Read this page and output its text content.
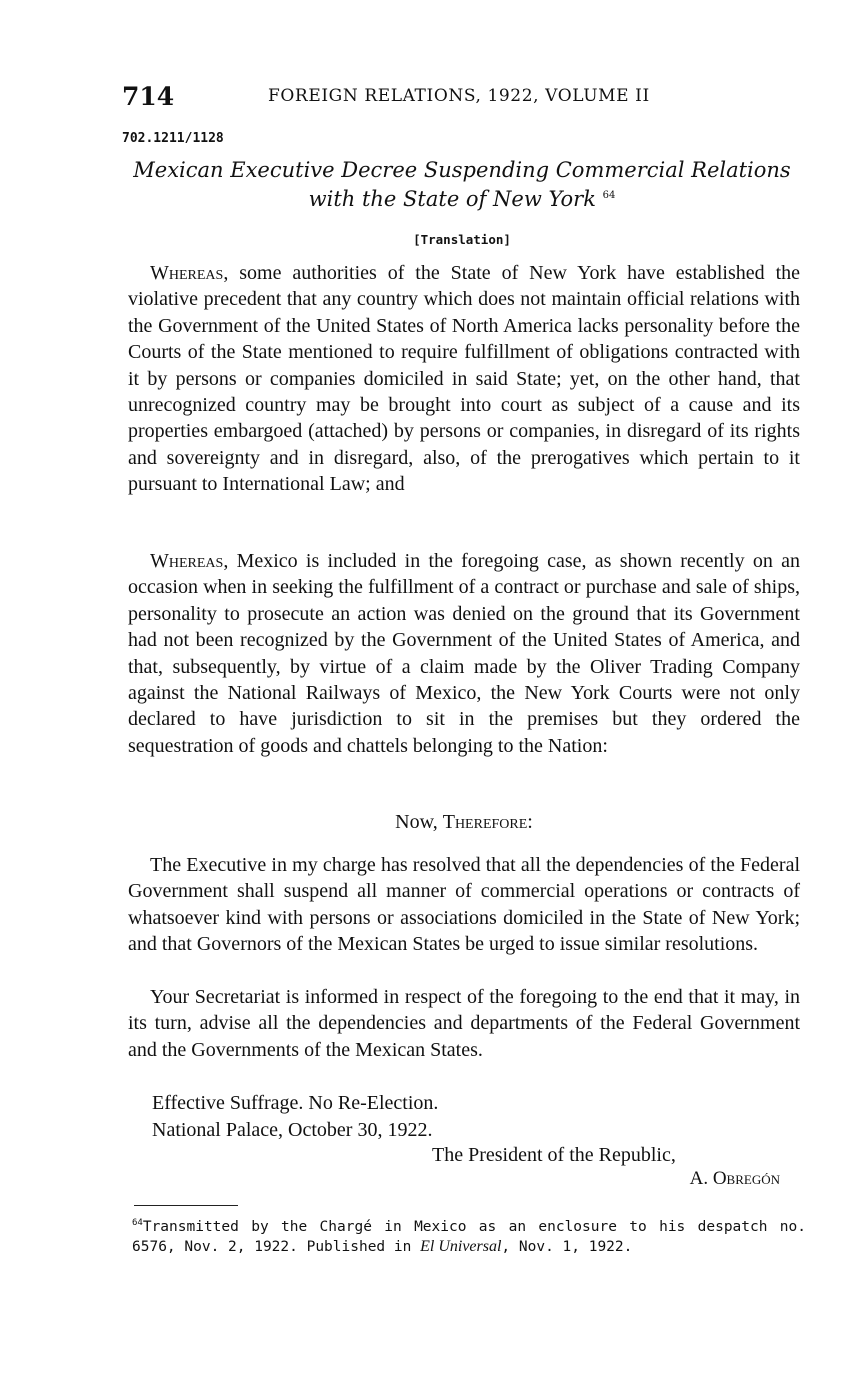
714	FOREIGN RELATIONS, 1922, VOLUME II
702.1211/1128
Mexican Executive Decree Suspending Commercial Relations with the State of New York $^{64}$
[Translation]

Whereas, some authorities of the State of New York have established the violative precedent that any country which does not maintain official relations with the Government of the United States of North America lacks personality before the Courts of the State mentioned to require fulfillment of obligations contracted with it by persons or companies domiciled in said State; yet, on the other hand, that unrecognized country may be brought into court as subject of a cause and its properties embargoed (attached) by persons or companies, in disregard of its rights and sovereignty and in disregard, also, of the prerogatives which pertain to it pursuant to International Law; and

Whereas, Mexico is included in the foregoing case, as shown recently on an occasion when in seeking the fulfillment of a contract or purchase and sale of ships, personality to prosecute an action was denied on the ground that its Government had not been recognized by the Government of the United States of America, and that, subsequently, by virtue of a claim made by the Oliver Trading Company against the National Railways of Mexico, the New York Courts were not only declared to have jurisdiction to sit in the premises but they ordered the sequestration of goods and chattels belonging to the Nation:

Now, Therefore:

The Executive in my charge has resolved that all the dependencies of the Federal Government shall suspend all manner of commercial operations or contracts of whatsoever kind with persons or associations domiciled in the State of New York; and that Governors of the Mexican States be urged to issue similar resolutions.

Your Secretariat is informed in respect of the foregoing to the end that it may, in its turn, advise all the dependencies and departments of the Federal Government and the Governments of the Mexican States.

Effective Suffrage. No Re-Election.
National Palace, October 30, 1922.
The President of the Republic,
A. Obregón
$^{64}$Transmitted by the Chargé in Mexico as an enclosure to his despatch no. 6576, Nov. 2, 1922. Published in El Universal, Nov. 1, 1922.
